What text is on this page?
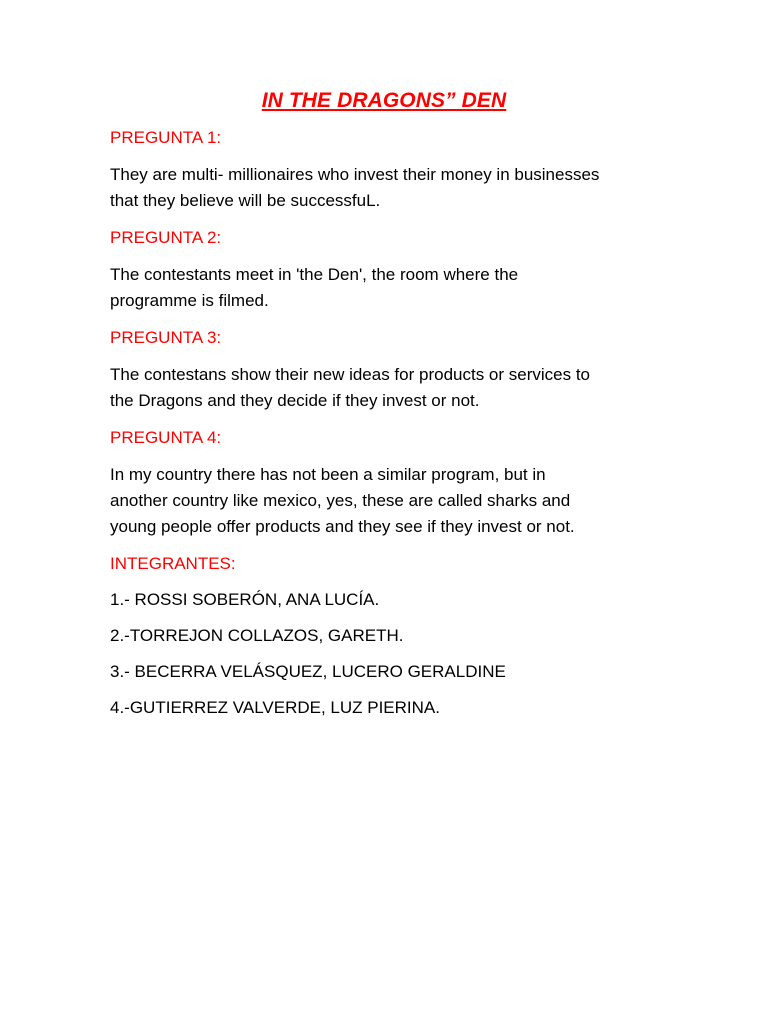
IN THE DRAGONS” DEN
PREGUNTA 1:
They are multi- millionaires who invest their money in businesses
that they believe will be successfuL.
PREGUNTA 2:
The contestants meet in 'the Den', the room where the
programme is filmed.
PREGUNTA 3:
The contestans show their new ideas for products or services to
the Dragons and they decide if they invest or not.
PREGUNTA 4:
In my country there has not been a similar program, but in
another country like mexico, yes, these are called sharks and
young people offer products and they see if they invest or not.
INTEGRANTES:
1.- ROSSI SOBERÓN, ANA LUCÍA.
2.-TORREJON COLLAZOS, GARETH.
3.- BECERRA VELÁSQUEZ, LUCERO GERALDINE
4.-GUTIERREZ VALVERDE, LUZ PIERINA.
